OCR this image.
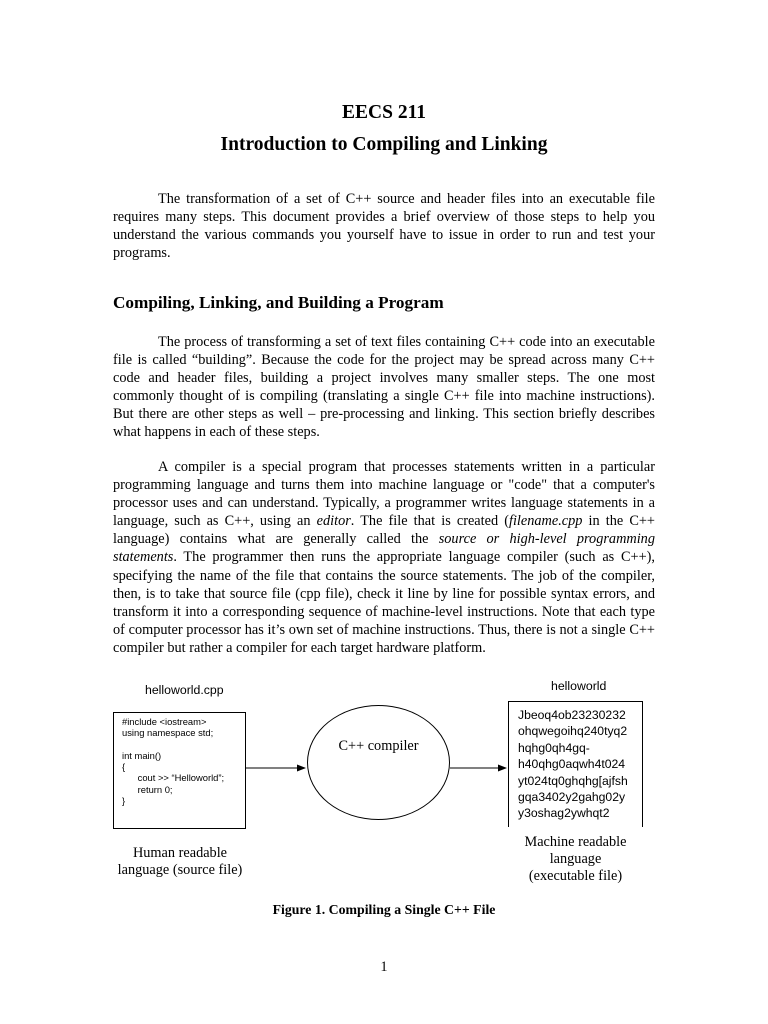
EECS 211
Introduction to Compiling and Linking

The transformation of a set of C++ source and header files into an executable file requires many steps. This document provides a brief overview of those steps to help you understand the various commands you yourself have to issue in order to run and test your programs.

Compiling, Linking, and Building a Program

The process of transforming a set of text files containing C++ code into an executable file is called “building”. Because the code for the project may be spread across many C++ code and header files, building a project involves many smaller steps. The one most commonly thought of is compiling (translating a single C++ file into machine instructions). But there are other steps as well – pre-processing and linking. This section briefly describes what happens in each of these steps.

A compiler is a special program that processes statements written in a particular programming language and turns them into machine language or "code" that a computer's processor uses and can understand. Typically, a programmer writes language statements in a language, such as C++, using an editor. The file that is created (filename.cpp in the C++ language) contains what are generally called the source or high-level programming statements. The programmer then runs the appropriate language compiler (such as C++), specifying the name of the file that contains the source statements. The job of the compiler, then, is to take that source file (cpp file), check it line by line for possible syntax errors, and transform it into a corresponding sequence of machine-level instructions. Note that each type of computer processor has it’s own set of machine instructions. Thus, there is not a single C++ compiler but rather a compiler for each target hardware platform.

helloworld.cpp	helloworld

#include <iostream>
using namespace std;
int main()
{
cout >> “Helloworld”;
return 0;
}

C++ compiler

Jbeoq4ob23230232
ohqwegoihq240tyq2
hqhg0qh4gq-
h40qhg0aqwh4t024
yt024tq0ghqhg[ajfsh
gqa3402y2gahg02y
y3oshag2ywhqt2

Human readable
language (source file)

Machine readable
language
(executable file)

Figure 1. Compiling a Single C++ File

1
